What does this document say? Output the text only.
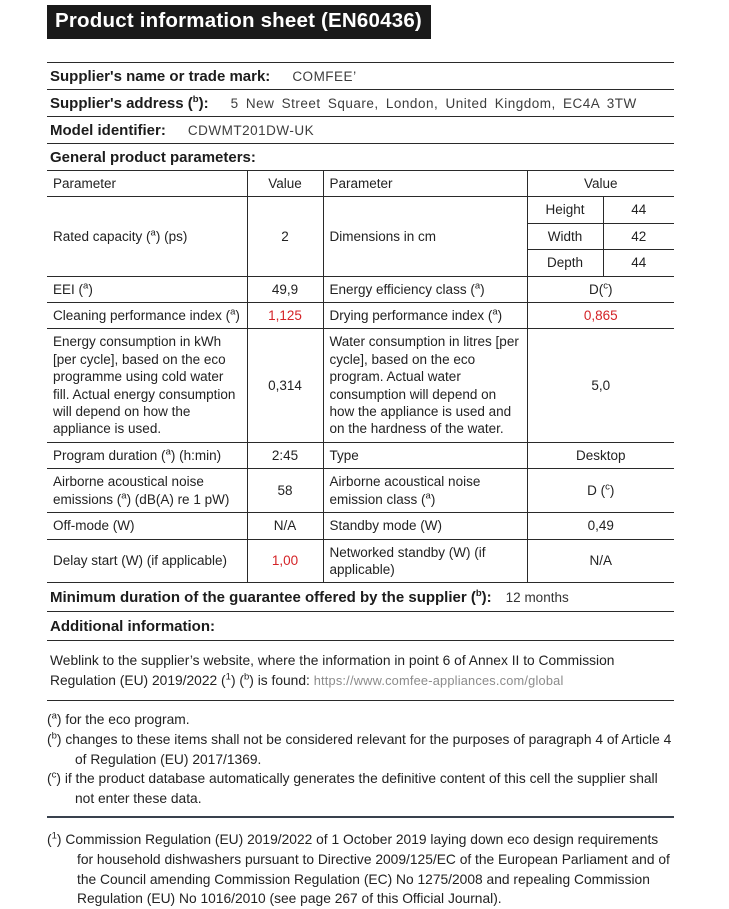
Product information sheet (EN60436)
Supplier's name or trade mark: COMFEE’
Supplier's address ($^b$): 5 New Street Square, London, United Kingdom, EC4A 3TW
Model identifier: CDWMT201DW-UK
General product parameters:
Parameter	Value	Parameter	Value	
Rated capacity ($^a$) (ps)	2	Dimensions in cm	Height	44
			Width	42
			Depth	44
EEI ($^a$)	49,9	Energy efficiency class ($^a$)	D($^c$)	
Cleaning performance index ($^a$)	1,125	Drying performance index ($^a$)	0,865	
Energy consumption in kWh [per cycle], based on the eco programme using cold water fill. Actual energy consumption will depend on how the appliance is used.	0,314	Water consumption in litres [per cycle], based on the eco program. Actual water consumption will depend on how the appliance is used and on the hardness of the water.	5,0	
Program duration ($^a$) (h:min)	2:45	Type	Desktop	
Airborne acoustical noise emissions ($^a$) (dB(A) re 1 pW)	58	Airborne acoustical noise emission class ($^a$)	D ($^c$)	
Off-mode (W)	N/A	Standby mode (W)	0,49	
Delay start (W) (if applicable)	1,00	Networked standby (W) (if applicable)	N/A	
Minimum duration of the guarantee offered by the supplier ($^b$): 12 months
Additional information:
Weblink to the supplier’s website, where the information in point 6 of Annex II to Commission Regulation (EU) 2019/2022 ($^1$) ($^b$) is found: https://www.comfee-appliances.com/global
($^a$) for the eco program.
($^b$) changes to these items shall not be considered relevant for the purposes of paragraph 4 of Article 4 of Regulation (EU) 2017/1369.
($^c$) if the product database automatically generates the definitive content of this cell the supplier shall not enter these data.
($^1$) Commission Regulation (EU) 2019/2022 of 1 October 2019 laying down eco design requirements for household dishwashers pursuant to Directive 2009/125/EC of the European Parliament and of the Council amending Commission Regulation (EC) No 1275/2008 and repealing Commission Regulation (EU) No 1016/2010 (see page 267 of this Official Journal).
